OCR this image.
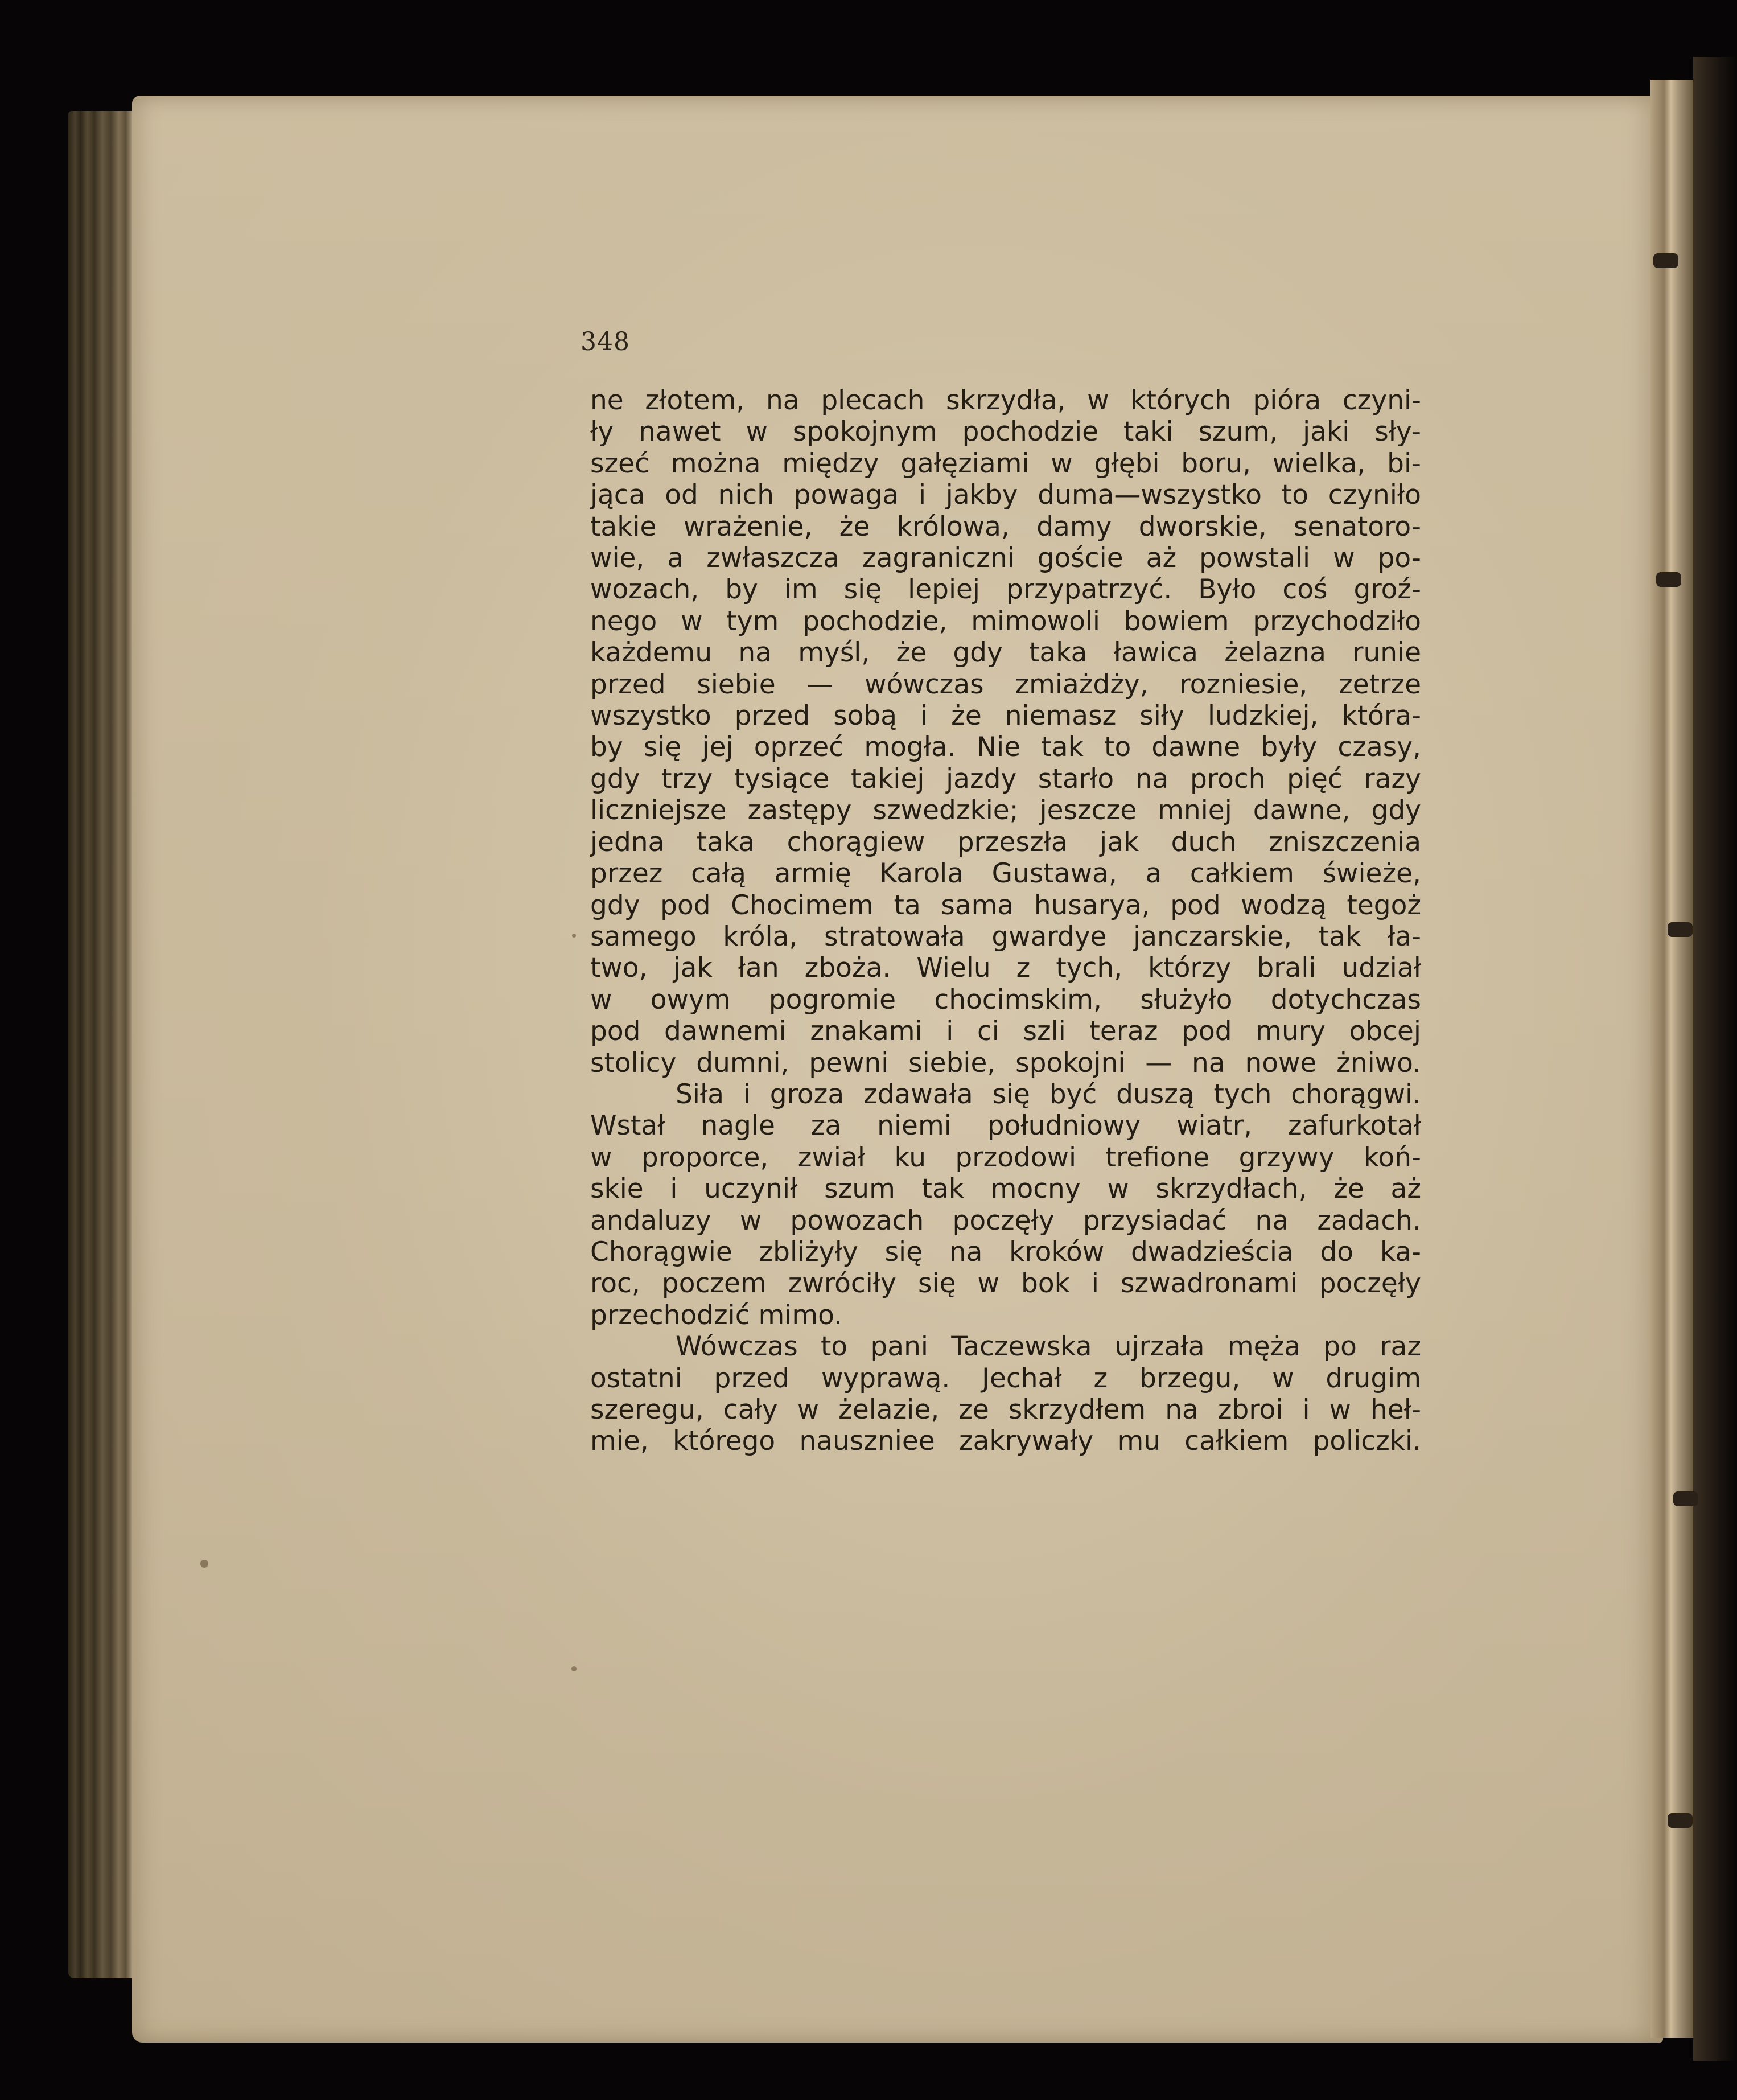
348
ne złotem, na plecach skrzydła, w których pióra czyni-
ły nawet w spokojnym pochodzie taki szum, jaki sły-
szeć można między gałęziami w głębi boru, wielka, bi-
jąca od nich powaga i jakby duma—wszystko to czyniło
takie wrażenie, że królowa, damy dworskie, senatoro-
wie, a zwłaszcza zagraniczni goście aż powstali w po-
wozach, by im się lepiej przypatrzyć. Było coś groź-
nego w tym pochodzie, mimowoli bowiem przychodziło
każdemu na myśl, że gdy taka ławica żelazna runie
przed siebie — wówczas zmiażdży, rozniesie, zetrze
wszystko przed sobą i że niemasz siły ludzkiej, która-
by się jej oprzeć mogła. Nie tak to dawne były czasy,
gdy trzy tysiące takiej jazdy starło na proch pięć razy
liczniejsze zastępy szwedzkie; jeszcze mniej dawne, gdy
jedna taka chorągiew przeszła jak duch zniszczenia
przez całą armię Karola Gustawa, a całkiem świeże,
gdy pod Chocimem ta sama husarya, pod wodzą tegoż
samego króla, stratowała gwardye janczarskie, tak ła-
two, jak łan zboża. Wielu z tych, którzy brali udział
w owym pogromie chocimskim, służyło dotychczas
pod dawnemi znakami i ci szli teraz pod mury obcej
stolicy dumni, pewni siebie, spokojni — na nowe żniwo.
Siła i groza zdawała się być duszą tych chorągwi.
Wstał nagle za niemi południowy wiatr, zafurkotał
w proporce, zwiał ku przodowi trefione grzywy koń-
skie i uczynił szum tak mocny w skrzydłach, że aż
andaluzy w powozach poczęły przysiadać na zadach.
Chorągwie zbliżyły się na kroków dwadzieścia do ka-
roc, poczem zwróciły się w bok i szwadronami poczęły
przechodzić mimo.
Wówczas to pani Taczewska ujrzała męża po raz
ostatni przed wyprawą. Jechał z brzegu, w drugim
szeregu, cały w żelazie, ze skrzydłem na zbroi i w heł-
mie, którego nauszniee zakrywały mu całkiem policzki.
